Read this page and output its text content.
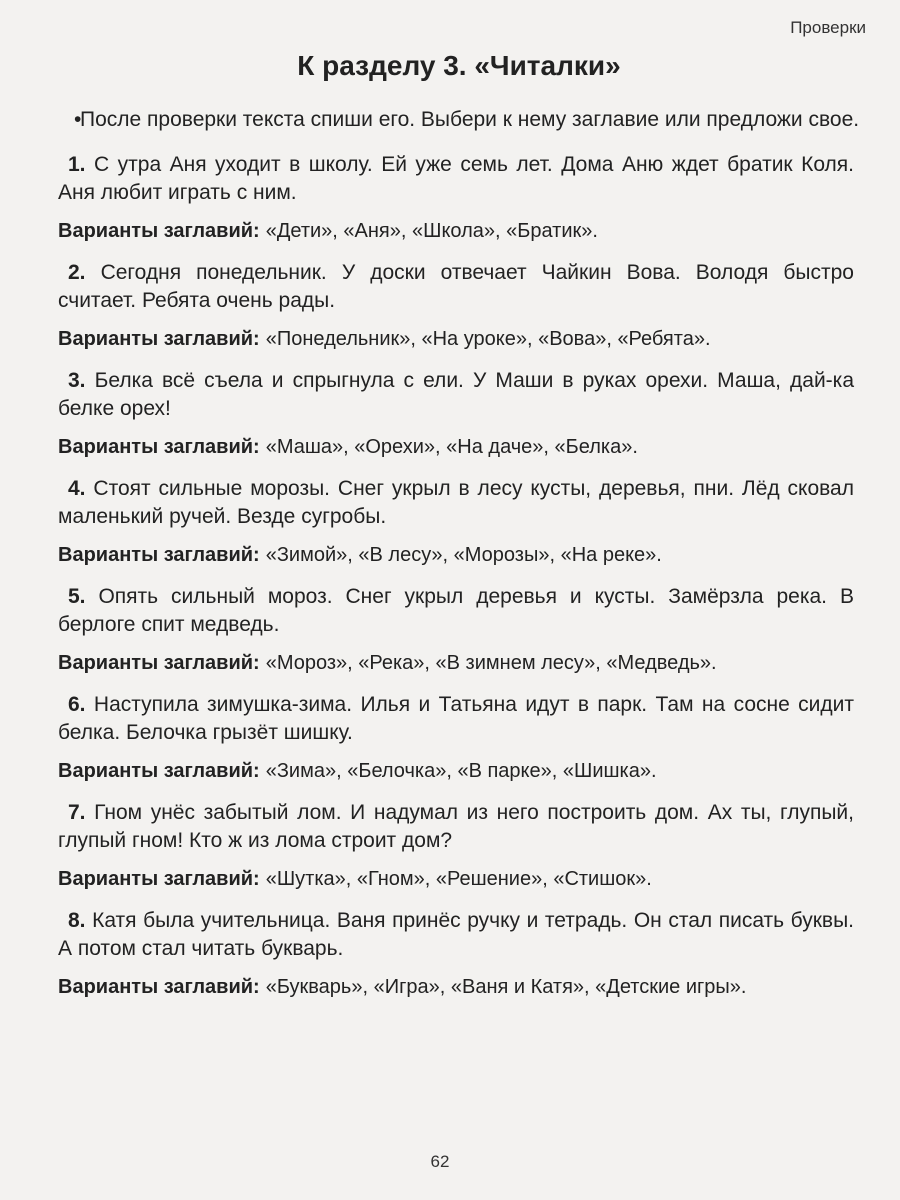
Проверки
К разделу 3. «Читалки»
•После проверки текста спиши его. Выбери к нему заглавие или предложи свое.
1. С утра Аня уходит в школу. Ей уже семь лет. Дома Аню ждет братик Коля. Аня любит играть с ним.
Варианты заглавий: «Дети», «Аня», «Школа», «Братик».
2. Сегодня понедельник. У доски отвечает Чайкин Вова. Володя быстро считает. Ребята очень рады.
Варианты заглавий: «Понедельник», «На уроке», «Вова», «Ребята».
3. Белка всё съела и спрыгнула с ели. У Маши в руках орехи. Маша, дай-ка белке орех!
Варианты заглавий: «Маша», «Орехи», «На даче», «Белка».
4. Стоят сильные морозы. Снег укрыл в лесу кусты, деревья, пни. Лёд сковал маленький ручей. Везде сугробы.
Варианты заглавий: «Зимой», «В лесу», «Морозы», «На реке».
5. Опять сильный мороз. Снег укрыл деревья и кусты. Замёрзла река. В берлоге спит медведь.
Варианты заглавий: «Мороз», «Река», «В зимнем лесу», «Медведь».
6. Наступила зимушка-зима. Илья и Татьяна идут в парк. Там на сосне сидит белка. Белочка грызёт шишку.
Варианты заглавий: «Зима», «Белочка», «В парке», «Шишка».
7. Гном унёс забытый лом. И надумал из него построить дом. Ах ты, глупый, глупый гном! Кто ж из лома строит дом?
Варианты заглавий: «Шутка», «Гном», «Решение», «Стишок».
8. Катя была учительница. Ваня принёс ручку и тетрадь. Он стал писать буквы. А потом стал читать букварь.
Варианты заглавий: «Букварь», «Игра», «Ваня и Катя», «Детские игры».
62
